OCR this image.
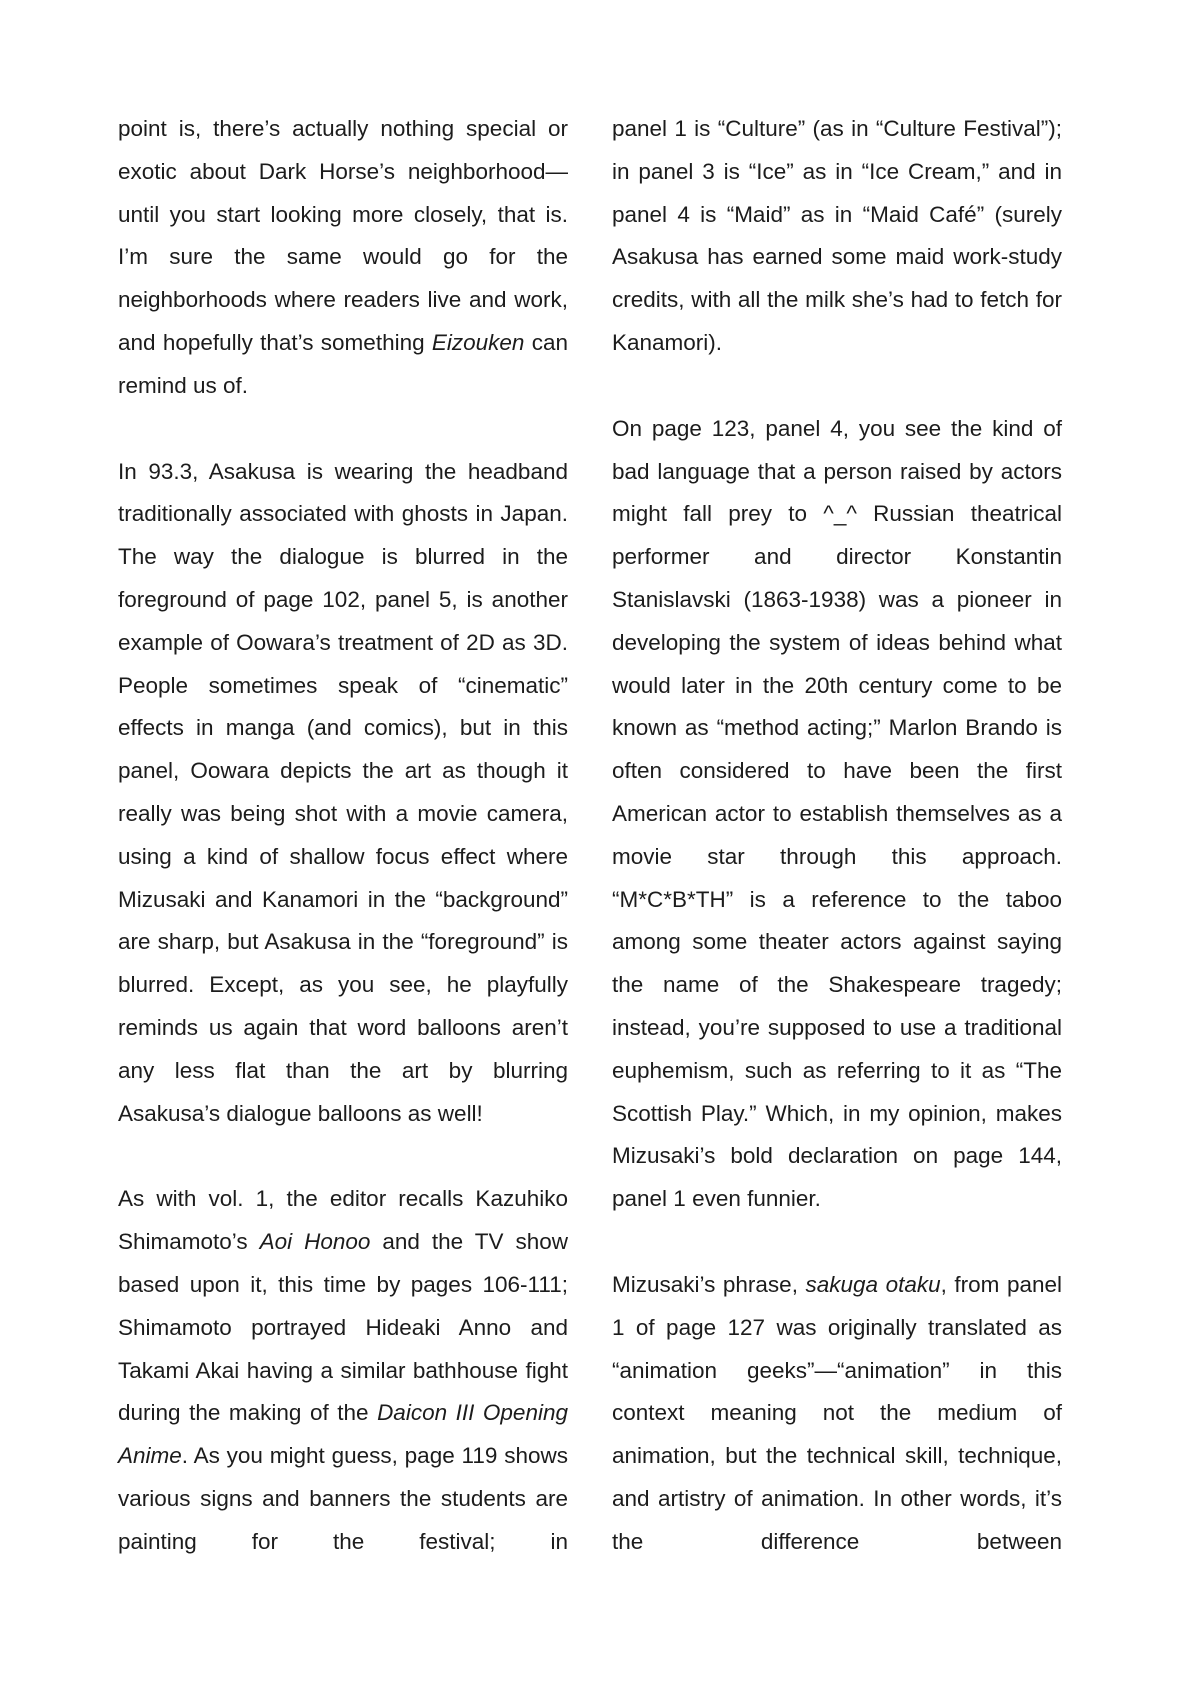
point is, there’s actually nothing special or exotic about Dark Horse’s neighborhood—until you start looking more closely, that is. I’m sure the same would go for the neighborhoods where readers live and work, and hopefully that’s something Eizouken can remind us of.

In 93.3, Asakusa is wearing the headband traditionally associated with ghosts in Japan. The way the dialogue is blurred in the foreground of page 102, panel 5, is another example of Oowara’s treatment of 2D as 3D. People sometimes speak of “cinematic” effects in manga (and comics), but in this panel, Oowara depicts the art as though it really was being shot with a movie camera, using a kind of shallow focus effect where Mizusaki and Kanamori in the “background” are sharp, but Asakusa in the “foreground” is blurred. Except, as you see, he playfully reminds us again that word balloons aren’t any less flat than the art by blurring Asakusa’s dialogue balloons as well!

As with vol. 1, the editor recalls Kazuhiko Shimamoto’s Aoi Honoo and the TV show based upon it, this time by pages 106-111; Shimamoto portrayed Hideaki Anno and Takami Akai having a similar bathhouse fight during the making of the Daicon III Opening Anime. As you might guess, page 119 shows various signs and banners the students are painting for the festival; in

panel 1 is “Culture” (as in “Culture Festival”); in panel 3 is “Ice” as in “Ice Cream,” and in panel 4 is “Maid” as in “Maid Café” (surely Asakusa has earned some maid work-study credits, with all the milk she’s had to fetch for Kanamori).

On page 123, panel 4, you see the kind of bad language that a person raised by actors might fall prey to ^_^ Russian theatrical performer and director Konstantin Stanislavski (1863-1938) was a pioneer in developing the system of ideas behind what would later in the 20th century come to be known as “method acting;” Marlon Brando is often considered to have been the first American actor to establish themselves as a movie star through this approach. “M*C*B*TH” is a reference to the taboo among some theater actors against saying the name of the Shakespeare tragedy; instead, you’re supposed to use a traditional euphemism, such as referring to it as “The Scottish Play.” Which, in my opinion, makes Mizusaki’s bold declaration on page 144, panel 1 even funnier.

Mizusaki’s phrase, sakuga otaku, from panel 1 of page 127 was originally translated as “animation geeks”—“animation” in this context meaning not the medium of animation, but the technical skill, technique, and artistry of animation. In other words, it’s the difference between
